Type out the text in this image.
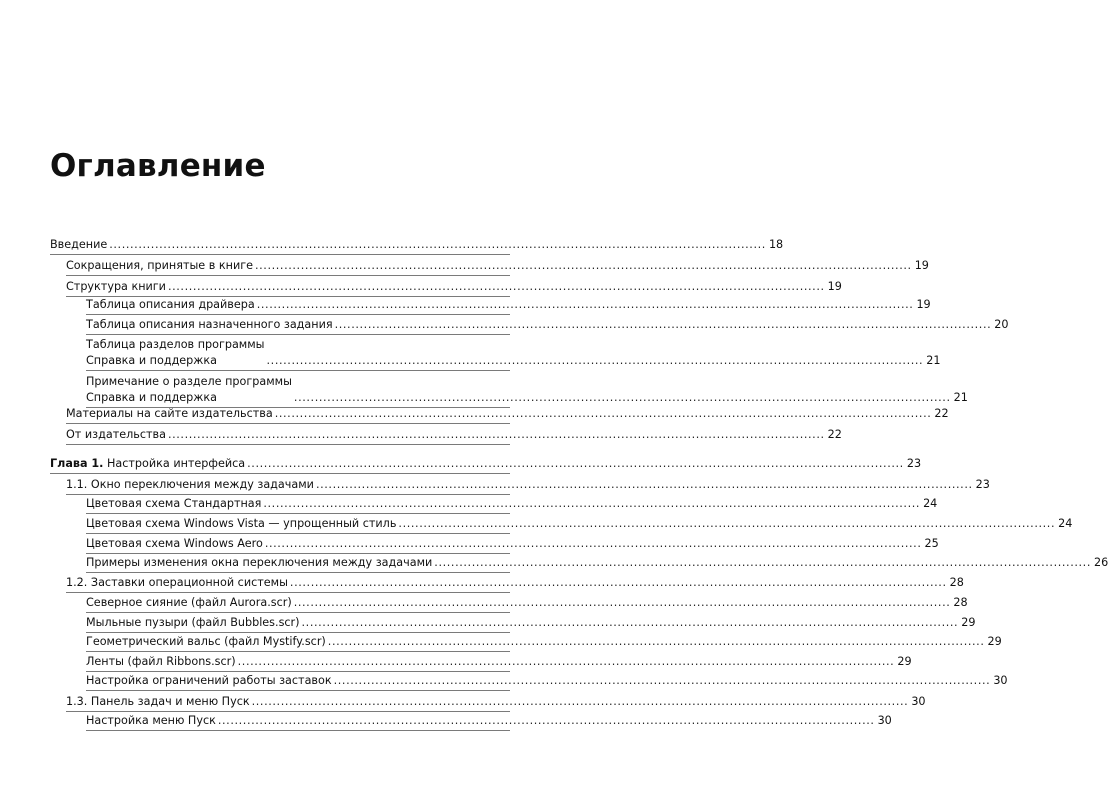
Оглавление
Введение .............................................................................................................................................................. 18
Сокращения, принятые в книге .............................................................................................................................................................. 19
Структура книги .............................................................................................................................................................. 19
Таблица описания драйвера .............................................................................................................................................................. 19
Таблица описания назначенного задания .............................................................................................................................................................. 20
Таблица разделов программы
Справка и поддержка	.............................................................................................................................................................. 21
Примечание о разделе программы
Справка и поддержка	.............................................................................................................................................................. 21
Материалы на сайте издательства .............................................................................................................................................................. 22
От издательства .............................................................................................................................................................. 22
Глава 1. Настройка интерфейса .............................................................................................................................................................. 23
1.1. Окно переключения между задачами .............................................................................................................................................................. 23
Цветовая схема Стандартная .............................................................................................................................................................. 24
Цветовая схема Windows Vista — упрощенный стиль .............................................................................................................................................................. 24
Цветовая схема Windows Aero .............................................................................................................................................................. 25
Примеры изменения окна переключения между задачами .............................................................................................................................................................. 26
1.2. Заставки операционной системы .............................................................................................................................................................. 28
Северное сияние (файл Aurora.scr) .............................................................................................................................................................. 28
Мыльные пузыри (файл Bubbles.scr) .............................................................................................................................................................. 29
Геометрический вальс (файл Mystify.scr) .............................................................................................................................................................. 29
Ленты (файл Ribbons.scr) .............................................................................................................................................................. 29
Настройка ограничений работы заставок .............................................................................................................................................................. 30
1.3. Панель задач и меню Пуск .............................................................................................................................................................. 30
Настройка меню Пуск .............................................................................................................................................................. 30
